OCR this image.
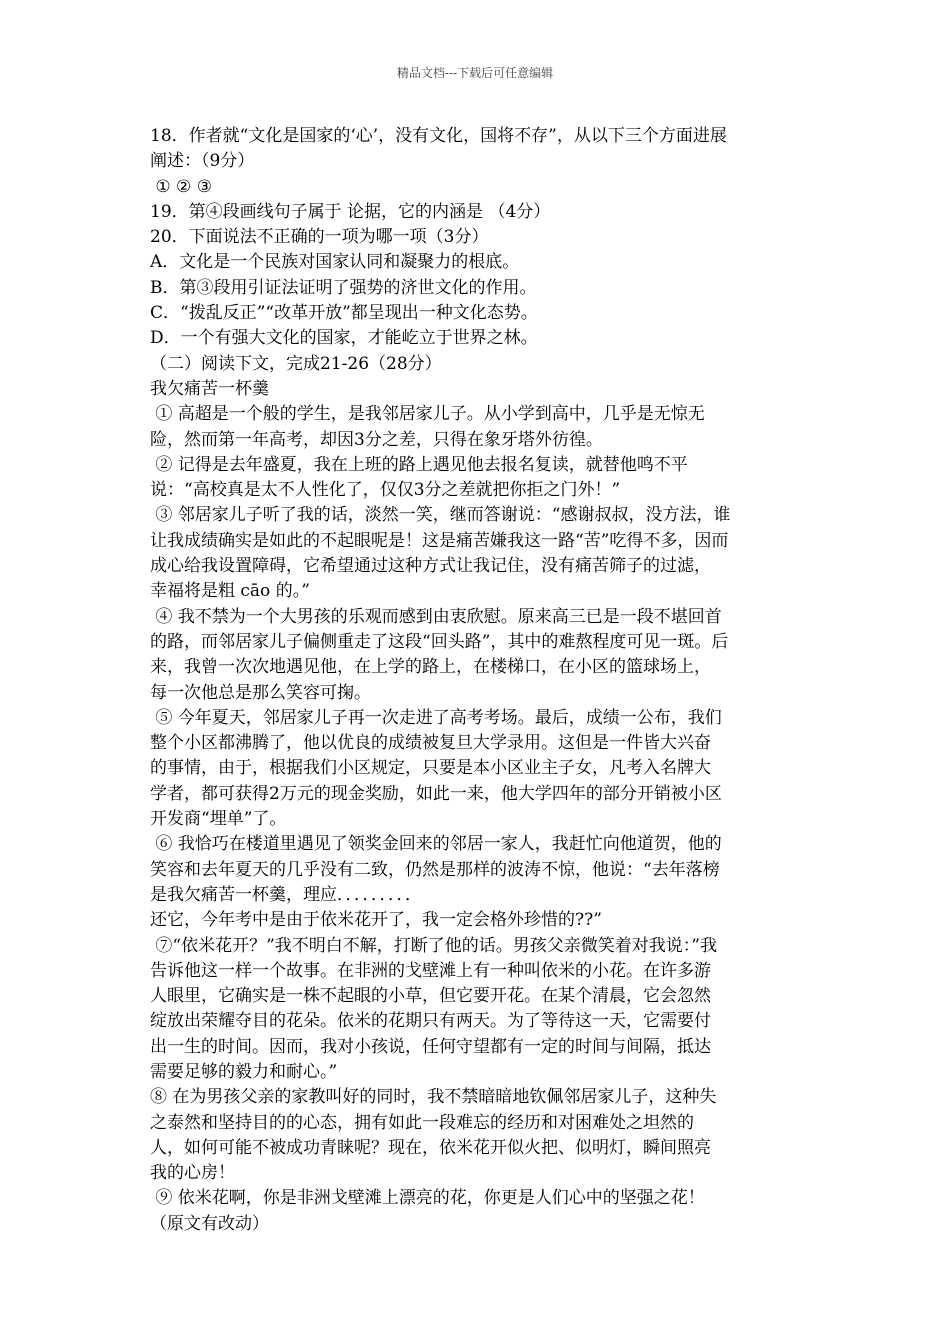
精品文档---下载后可任意编辑

18．作者就“文化是国家的‘心’，没有文化，国将不存”，从以下三个方面进展

阐述：（9分）

① ② ③

19．第④段画线句子属于 论据，它的内涵是 （4分）

20．下面说法不正确的一项为哪一项（3分）

A．文化是一个民族对国家认同和凝聚力的根底。

B．第③段用引证法证明了强势的济世文化的作用。

C．“拨乱反正”“改革开放”都呈现出一种文化态势。

D．一个有强大文化的国家，才能屹立于世界之林。

（二）阅读下文，完成21-26（28分）

我欠痛苦一杯羹

① 高超是一个般的学生，是我邻居家儿子。从小学到高中，几乎是无惊无

险，然而第一年高考，却因3分之差，只得在象牙塔外彷徨。

② 记得是去年盛夏，我在上班的路上遇见他去报名复读，就替他鸣不平

说：“高校真是太不人性化了，仅仅3分之差就把你拒之门外！”

③ 邻居家儿子听了我的话，淡然一笑，继而答谢说：“感谢叔叔，没方法，谁

让我成绩确实是如此的不起眼呢是！这是痛苦嫌我这一路“苦”吃得不多，因而

成心给我设置障碍，它希望通过这种方式让我记住，没有痛苦筛子的过滤，

幸福将是粗 cāo 的。”

④ 我不禁为一个大男孩的乐观而感到由衷欣慰。原来高三已是一段不堪回首

的路，而邻居家儿子偏侧重走了这段“回头路”，其中的难熬程度可见一斑。后

来，我曾一次次地遇见他，在上学的路上，在楼梯口，在小区的篮球场上，

每一次他总是那么笑容可掬。

⑤ 今年夏天，邻居家儿子再一次走进了高考考场。最后，成绩一公布，我们

整个小区都沸腾了，他以优良的成绩被复旦大学录用。这但是一件皆大兴奋

的事情，由于，根据我们小区规定，只要是本小区业主子女，凡考入名牌大

学者，都可获得2万元的现金奖励，如此一来，他大学四年的部分开销被小区

开发商“埋单”了。

⑥ 我恰巧在楼道里遇见了领奖金回来的邻居一家人，我赶忙向他道贺，他的

笑容和去年夏天的几乎没有二致，仍然是那样的波涛不惊，他说：“去年落榜

是我欠痛苦一杯羹，理应．．．．．．．．．

还它，今年考中是由于依米花开了，我一定会格外珍惜的??”

⑦“依米花开？”我不明白不解，打断了他的话。男孩父亲微笑着对我说：”我

告诉他这一样一个故事。在非洲的戈壁滩上有一种叫依米的小花。在许多游

人眼里，它确实是一株不起眼的小草，但它要开花。在某个清晨，它会忽然

绽放出荣耀夺目的花朵。依米的花期只有两天。为了等待这一天，它需要付

出一生的时间。因而，我对小孩说，任何守望都有一定的时间与间隔，抵达

需要足够的毅力和耐心。”

⑧ 在为男孩父亲的家教叫好的同时，我不禁暗暗地钦佩邻居家儿子，这种失

之泰然和坚持目的的心态，拥有如此一段难忘的经历和对困难处之坦然的

人，如何可能不被成功青睐呢？现在，依米花开似火把、似明灯，瞬间照亮

我的心房！

⑨ 依米花啊，你是非洲戈壁滩上漂亮的花，你更是人们心中的坚强之花！

（原文有改动）
